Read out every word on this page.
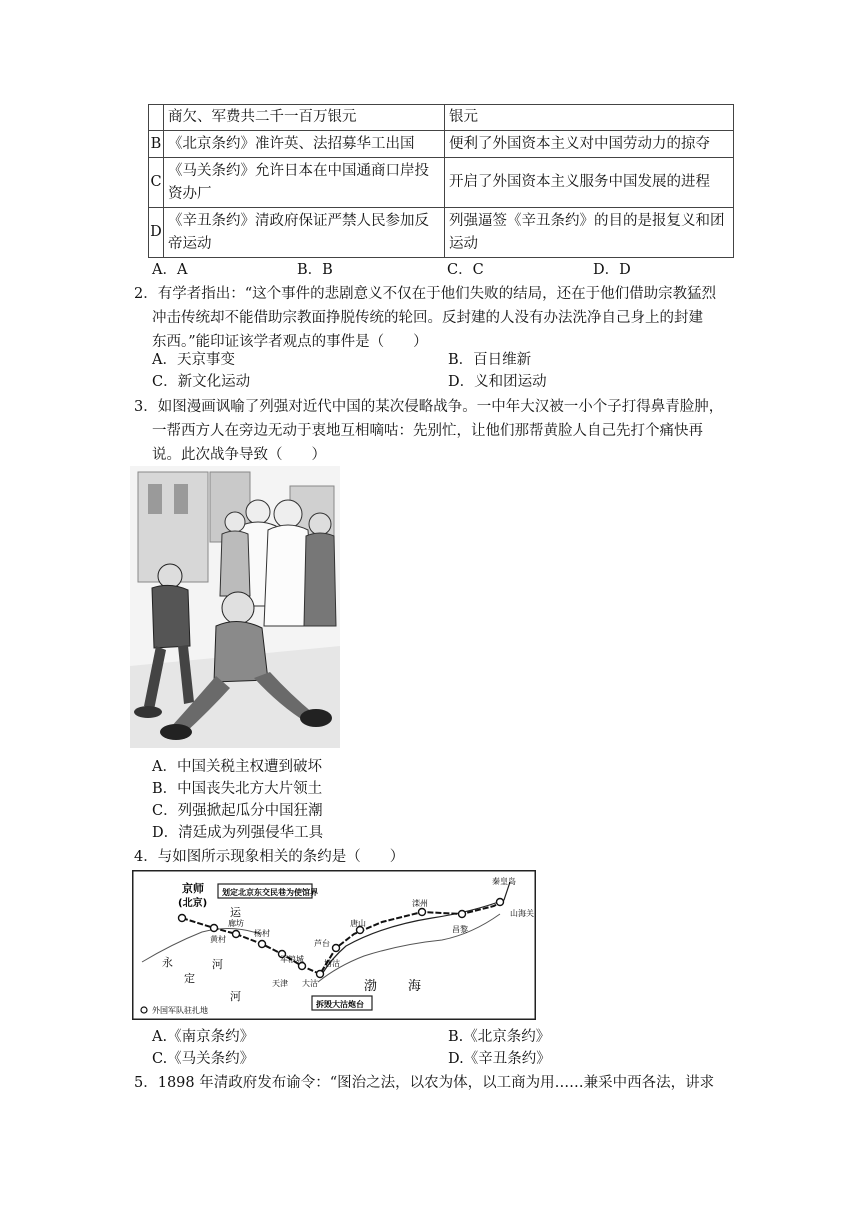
	商欠、军费共二千一百万银元	银元
B	《北京条约》准许英、法招募华工出国	便利了外国资本主义对中国劳动力的掠夺
C	《马关条约》允许日本在中国通商口岸投资办厂	开启了外国资本主义服务中国发展的进程
D	《辛丑条约》清政府保证严禁人民参加反帝运动	列强逼签《辛丑条约》的目的是报复义和团运动
A．A	B．B	C．C	D．D
2．有学者指出：“这个事件的悲剧意义不仅在于他们失败的结局，还在于他们借助宗教猛烈
冲击传统却不能借助宗教面挣脱传统的轮回。反封建的人没有办法洗净自己身上的封建
东西。”能印证该学者观点的事件是（　　）
A．天京事变	B．百日维新
C．新文化运动	D．义和团运动
3．如图漫画讽喻了列强对近代中国的某次侵略战争。一中年大汉被一小个子打得鼻青脸肿，
一帮西方人在旁边无动于衷地互相嘀咕：先别忙，让他们那帮黄脸人自己先打个痛快再
说。此次战争导致（　　）
A．中国关税主权遭到破坏
B．中国丧失北方大片领土
C．列强掀起瓜分中国狂潮
D．清廷成为列强侵华工具
4．与如图所示现象相关的条约是（　　）
京师
(北京)
划定北京东交民巷为使馆界
黄村
廊坊
杨村
天津
军粮城
芦台
唐山
滦州
昌黎
塘沽
大沽
秦皇岛
山海关
运
永
定
河
河
渤 海
拆毁大沽炮台
外国军队驻扎地
A.《南京条约》	B.《北京条约》
C.《马关条约》	D.《辛丑条约》
5．1898 年清政府发布谕令：“图治之法，以农为体，以工商为用……兼采中西各法，讲求
